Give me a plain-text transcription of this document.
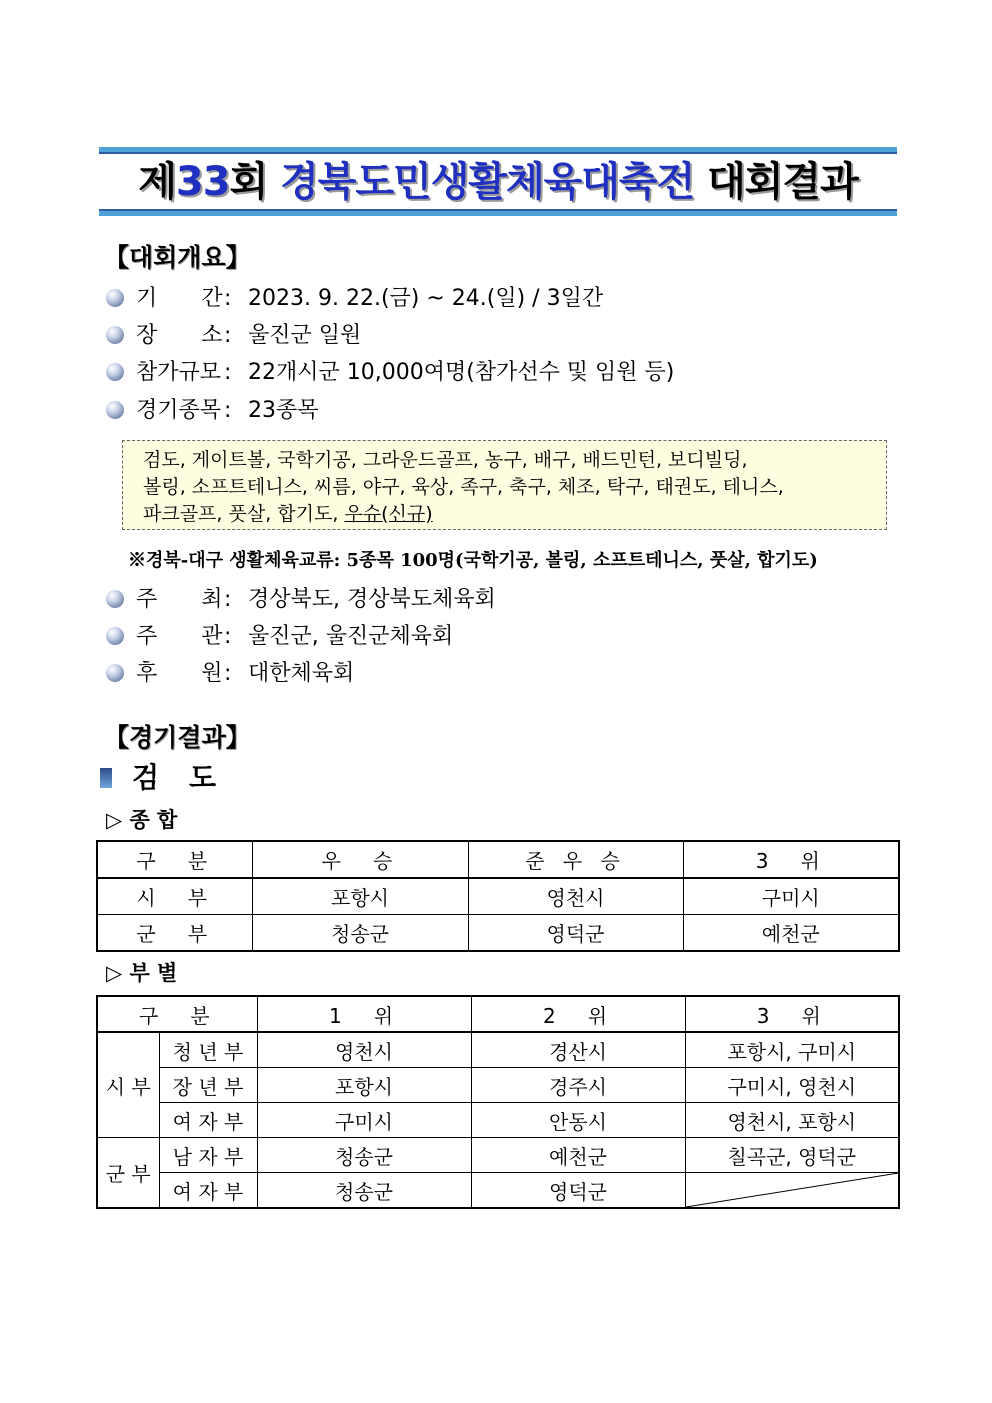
제33회 경북도민생활체육대축전 대회결과
【대회개요】
기　　간: 2023. 9. 22.(금) ~ 24.(일) / 3일간
장　　소: 울진군 일원
참가규모 : 22개시군 10,000여명(참가선수 및 임원 등)
경기종목 : 23종목
검도, 게이트볼, 국학기공, 그라운드골프, 농구, 배구, 배드민턴, 보디빌딩,
볼링, 소프트테니스, 씨름, 야구, 육상, 족구, 축구, 체조, 탁구, 태권도, 테니스,
파크골프, 풋살, 합기도, 우슈(신규)
※경북-대구 생활체육교류: 5종목 100명(국학기공, 볼링, 소프트테니스, 풋살, 합기도)
주　　최: 경상북도, 경상북도체육회
주　　관: 울진군, 울진군체육회
후　　원: 대한체육회
【경기결과】
검도
▷ 종 합
구　분	우　승	준 우 승	3　위
시　부	포항시	영천시	구미시
군　부	청송군	영덕군	예천군
▷ 부 별
구　분		1　위	2　위	3　위
시 부	청 년 부	영천시	경산시	포항시, 구미시
	장 년 부	포항시	경주시	구미시, 영천시
	여 자 부	구미시	안동시	영천시, 포항시
군 부	남 자 부	청송군	예천군	칠곡군, 영덕군
	여 자 부	청송군	영덕군	
